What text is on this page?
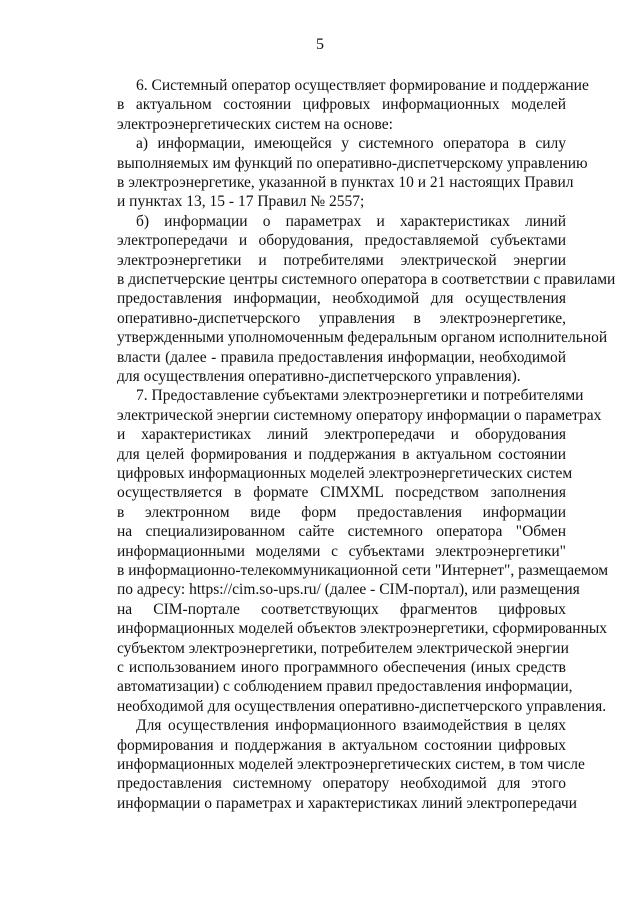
5
6. Системный оператор осуществляет формирование и поддержание
в актуальном состоянии цифровых информационных моделей
электроэнергетических систем на основе:
а) информации, имеющейся у системного оператора в силу
выполняемых им функций по оперативно-диспетчерскому управлению
в электроэнергетике, указанной в пунктах 10 и 21 настоящих Правил
и пунктах 13, 15 - 17 Правил № 2557;
б) информации о параметрах и характеристиках линий
электропередачи и оборудования, предоставляемой субъектами
электроэнергетики и потребителями электрической энергии
в диспетчерские центры системного оператора в соответствии с правилами
предоставления информации, необходимой для осуществления
оперативно-диспетчерского управления в электроэнергетике,
утвержденными уполномоченным федеральным органом исполнительной
власти (далее - правила предоставления информации, необходимой
для осуществления оперативно-диспетчерского управления).
7. Предоставление субъектами электроэнергетики и потребителями
электрической энергии системному оператору информации о параметрах
и характеристиках линий электропередачи и оборудования
для целей формирования и поддержания в актуальном состоянии
цифровых информационных моделей электроэнергетических систем
осуществляется в формате CIMXML посредством заполнения
в электронном виде форм предоставления информации
на специализированном сайте системного оператора "Обмен
информационными моделями с субъектами электроэнергетики"
в информационно-телекоммуникационной сети "Интернет", размещаемом
по адресу: https://cim.so-ups.ru/ (далее - CIM-портал), или размещения
на CIM-портале соответствующих фрагментов цифровых
информационных моделей объектов электроэнергетики, сформированных
субъектом электроэнергетики, потребителем электрической энергии
с использованием иного программного обеспечения (иных средств
автоматизации) с соблюдением правил предоставления информации,
необходимой для осуществления оперативно-диспетчерского управления.
Для осуществления информационного взаимодействия в целях
формирования и поддержания в актуальном состоянии цифровых
информационных моделей электроэнергетических систем, в том числе
предоставления системному оператору необходимой для этого
информации о параметрах и характеристиках линий электропередачи
